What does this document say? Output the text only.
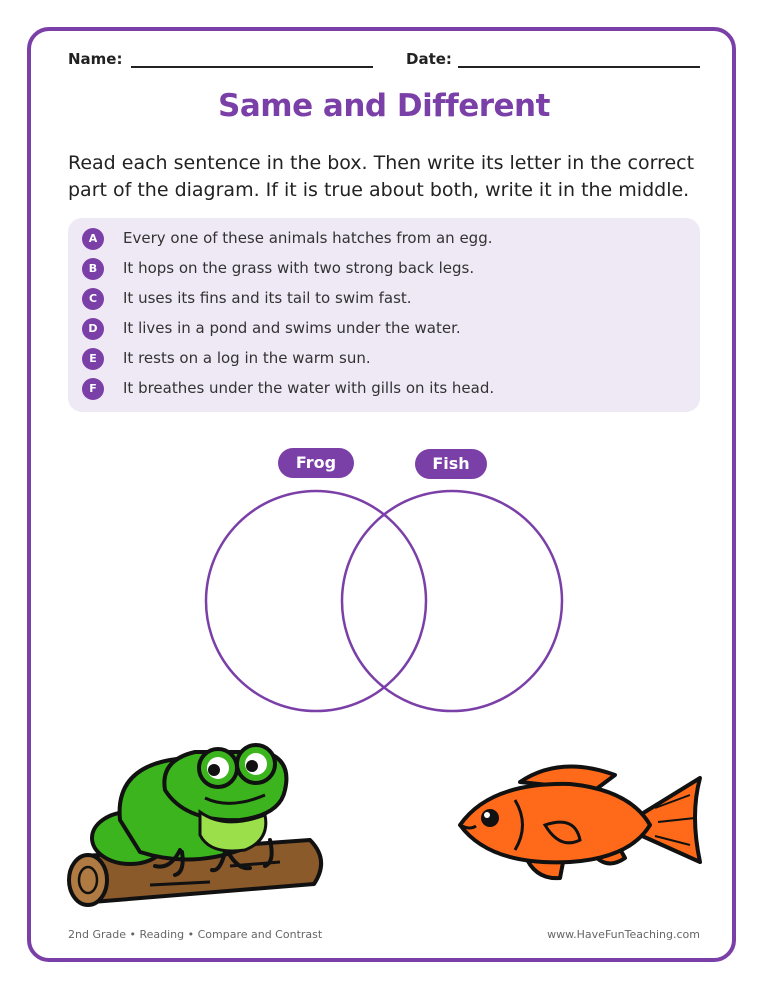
Name:	Date:
Same and Different
Read each sentence in the box. Then write its letter in the correct part of the diagram. If it is true about both, write it in the middle.
A	Every one of these animals hatches from an egg.
B	It hops on the grass with two strong back legs.
C	It uses its fins and its tail to swim fast.
D	It lives in a pond and swims under the water.
E	It rests on a log in the warm sun.
F	It breathes under the water with gills on its head.
Frog	Fish
2nd Grade • Reading • Compare and Contrast	www.HaveFunTeaching.com
